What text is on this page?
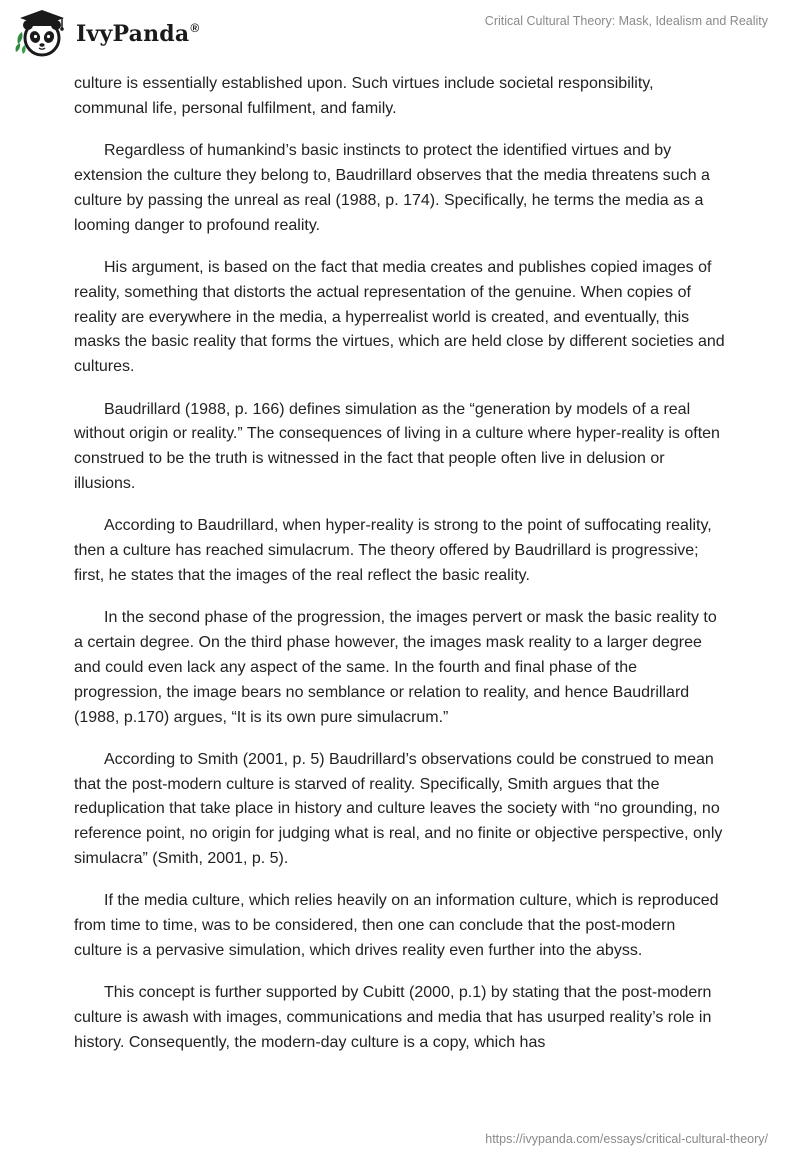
IvyPanda®	Critical Cultural Theory: Mask, Idealism and Reality

culture is essentially established upon. Such virtues include societal responsibility, communal life, personal fulfilment, and family.

Regardless of humankind’s basic instincts to protect the identified virtues and by extension the culture they belong to, Baudrillard observes that the media threatens such a culture by passing the unreal as real (1988, p. 174). Specifically, he terms the media as a looming danger to profound reality.

His argument, is based on the fact that media creates and publishes copied images of reality, something that distorts the actual representation of the genuine. When copies of reality are everywhere in the media, a hyperrealist world is created, and eventually, this masks the basic reality that forms the virtues, which are held close by different societies and cultures.

Baudrillard (1988, p. 166) defines simulation as the “generation by models of a real without origin or reality.” The consequences of living in a culture where hyper-reality is often construed to be the truth is witnessed in the fact that people often live in delusion or illusions.

According to Baudrillard, when hyper-reality is strong to the point of suffocating reality, then a culture has reached simulacrum. The theory offered by Baudrillard is progressive; first, he states that the images of the real reflect the basic reality.

In the second phase of the progression, the images pervert or mask the basic reality to a certain degree. On the third phase however, the images mask reality to a larger degree and could even lack any aspect of the same. In the fourth and final phase of the progression, the image bears no semblance or relation to reality, and hence Baudrillard (1988, p.170) argues, “It is its own pure simulacrum.”

According to Smith (2001, p. 5) Baudrillard’s observations could be construed to mean that the post-modern culture is starved of reality. Specifically, Smith argues that the reduplication that take place in history and culture leaves the society with “no grounding, no reference point, no origin for judging what is real, and no finite or objective perspective, only simulacra” (Smith, 2001, p. 5).

If the media culture, which relies heavily on an information culture, which is reproduced from time to time, was to be considered, then one can conclude that the post-modern culture is a pervasive simulation, which drives reality even further into the abyss.

This concept is further supported by Cubitt (2000, p.1) by stating that the post-modern culture is awash with images, communications and media that has usurped reality’s role in history. Consequently, the modern-day culture is a copy, which has

https://ivypanda.com/essays/critical-cultural-theory/
